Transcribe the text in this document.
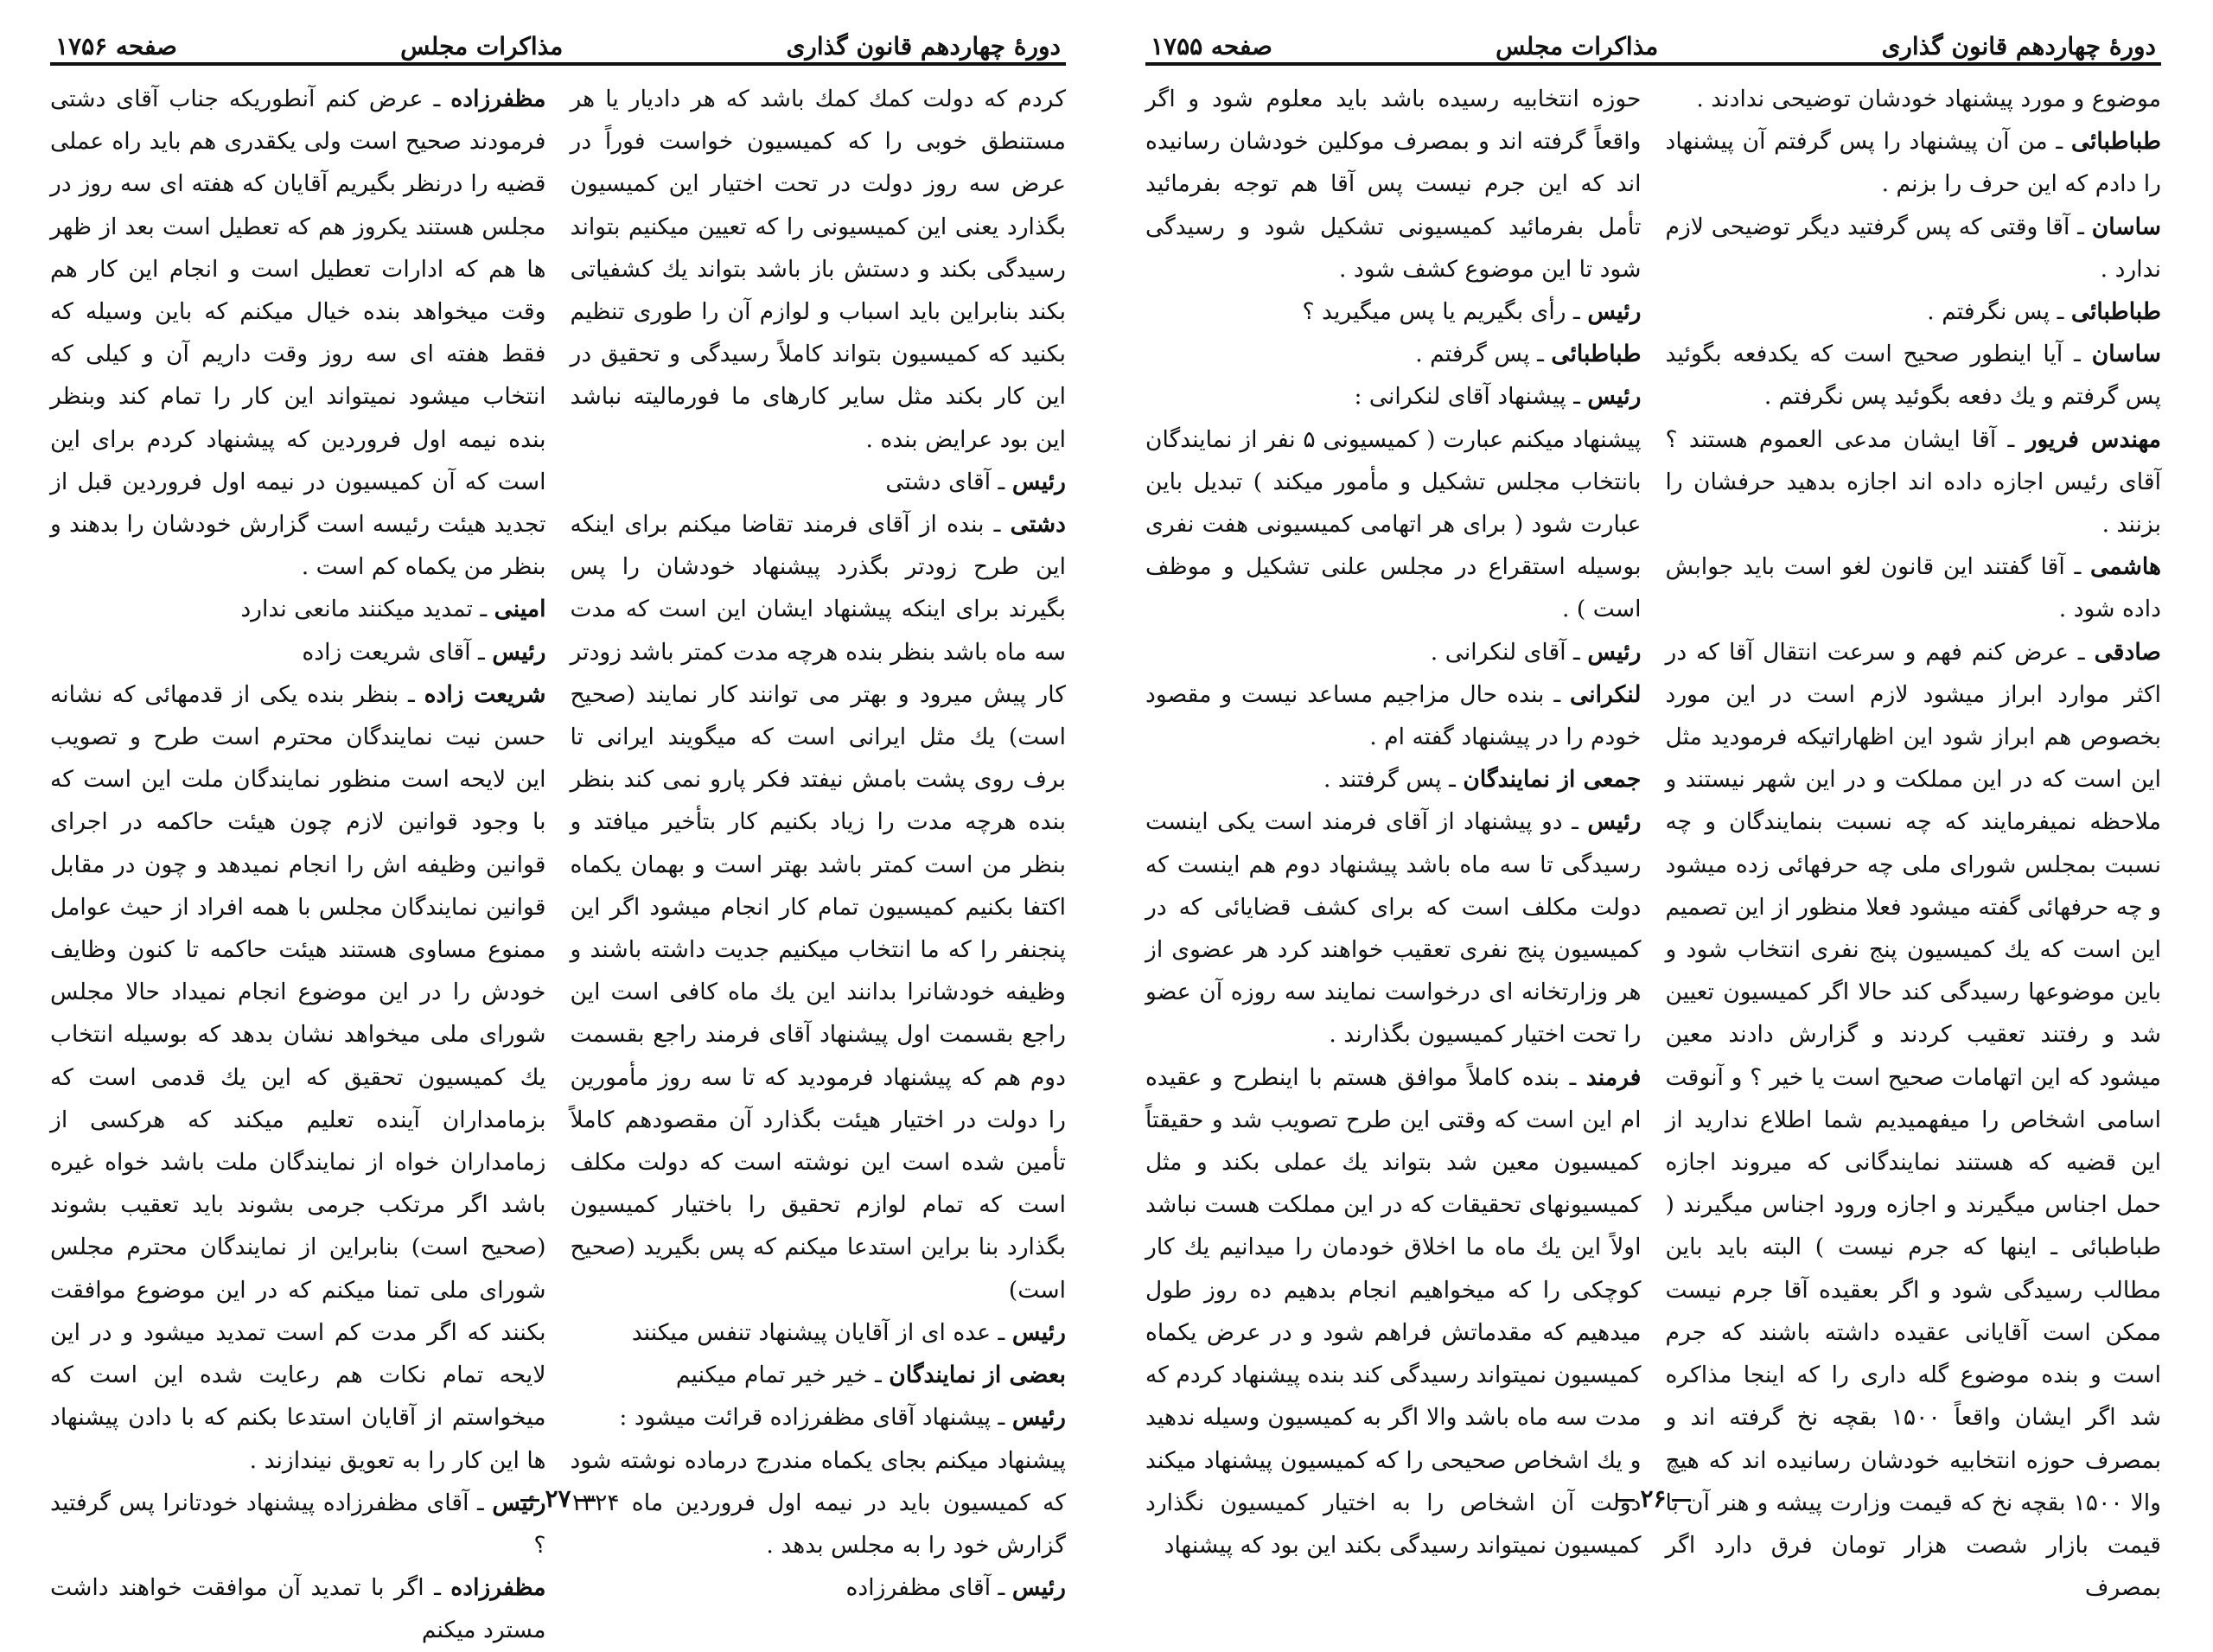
دورهٔ چهاردهم قانون گذاری
مذاکرات مجلس
صفحه ۱۷۵۵

موضوع و مورد پیشنهاد خودشان توضیحی ندادند .

طباطبائی ـ من آن پیشنهاد را پس گرفتم آن پیشنهاد را دادم که این حرف را بزنم .

ساسان ـ آقا وقتی که پس گرفتید دیگر توضیحی لازم ندارد .

طباطبائی ـ پس نگرفتم .

ساسان ـ آیا اینطور صحیح است که یکدفعه بگوئید پس گرفتم و یك دفعه بگوئید پس نگرفتم .

مهندس فریور ـ آقا ایشان مدعی العموم هستند ؟ آقای رئیس اجازه داده اند اجازه بدهید حرفشان را بزنند .

هاشمی ـ آقا گفتند این قانون لغو است باید جوابش داده شود .

صادقی ـ عرض کنم فهم و سرعت انتقال آقا که در اکثر موارد ابراز میشود لازم است در این مورد بخصوص هم ابراز شود این اظهاراتیکه فرمودید مثل این است که در این مملکت و در این شهر نیستند و ملاحظه نمیفرمایند که چه نسبت بنمایندگان و چه نسبت بمجلس شورای ملی چه حرفهائی زده میشود و چه حرفهائی گفته میشود فعلا منظور از این تصمیم این است که یك کمیسیون پنج نفری انتخاب شود و باین موضوعها رسیدگی کند حالا اگر کمیسیون تعیین شد و رفتند تعقیب کردند و گزارش دادند معین میشود که این اتهامات صحیح است یا خیر ؟ و آنوقت اسامی اشخاص را میفهمیدیم شما اطلاع ندارید از این قضیه که هستند نمایندگانی که میروند اجازه حمل اجناس میگیرند و اجازه ورود اجناس میگیرند ( طباطبائی ـ اینها که جرم نیست ) البته باید باین مطالب رسیدگی شود و اگر بعقیده آقا جرم نیست ممکن است آقایانی عقیده داشته باشند که جرم است و بنده موضوع گله داری را که اینجا مذاکره شد اگر ایشان واقعاً ۱۵۰۰ بقچه نخ گرفته اند و بمصرف حوزه انتخابیه خودشان رسانیده اند که هیچ والا ۱۵۰۰ بقچه نخ که قیمت وزارت پیشه و هنر آن با قیمت بازار شصت هزار تومان فرق دارد اگر بمصرف

حوزه انتخابیه رسیده باشد باید معلوم شود و اگر واقعاً گرفته اند و بمصرف موکلین خودشان رسانیده اند که این جرم نیست پس آقا هم توجه بفرمائید تأمل بفرمائید کمیسیونی تشکیل شود و رسیدگی شود تا این موضوع کشف شود .

رئیس ـ رأی بگیریم یا پس میگیرید ؟

طباطبائی ـ پس گرفتم .

رئیس ـ پیشنهاد آقای لنکرانی :

پیشنهاد میکنم عبارت ( کمیسیونی ۵ نفر از نمایندگان بانتخاب مجلس تشکیل و مأمور میکند ) تبدیل باین عبارت شود ( برای هر اتهامی کمیسیونی هفت نفری بوسیله استقراع در مجلس علنی تشکیل و موظف است ) .

رئیس ـ آقای لنکرانی .

لنکرانی ـ بنده حال مزاجیم مساعد نیست و مقصود خودم را در پیشنهاد گفته ام .

جمعی از نمایندگان ـ پس گرفتند .

رئیس ـ دو پیشنهاد از آقای فرمند است یکی اینست رسیدگی تا سه ماه باشد پیشنهاد دوم هم اینست که دولت مکلف است که برای کشف قضایائی که در کمیسیون پنج نفری تعقیب خواهند کرد هر عضوی از هر وزارتخانه ای درخواست نمایند سه روزه آن عضو را تحت اختیار کمیسیون بگذارند .

فرمند ـ بنده کاملاً موافق هستم با اینطرح و عقیده ام این است که وقتی این طرح تصویب شد و حقیقتاً کمیسیون معین شد بتواند یك عملی بکند و مثل کمیسیونهای تحقیقات که در این مملکت هست نباشد اولاً این یك ماه ما اخلاق خودمان را میدانیم یك کار کوچکی را که میخواهیم انجام بدهیم ده روز طول میدهیم که مقدماتش فراهم شود و در عرض یکماه کمیسیون نمیتواند رسیدگی کند بنده پیشنهاد کردم که مدت سه ماه باشد والا اگر به کمیسیون وسیله ندهید و یك اشخاص صحیحی را که کمیسیون پیشنهاد میکند دولت آن اشخاص را به اختیار کمیسیون نگذارد کمیسیون نمیتواند رسیدگی بکند این بود که پیشنهاد

۲۶
دورهٔ چهاردهم قانون گذاری
مذاکرات مجلس
صفحه ۱۷۵۶

کردم که دولت کمك کمك باشد که هر دادیار یا هر مستنطق خوبی را که کمیسیون خواست فوراً در عرض سه روز دولت در تحت اختیار این کمیسیون بگذارد یعنی این کمیسیونی را که تعیین میکنیم بتواند رسیدگی بکند و دستش باز باشد بتواند یك کشفیاتی بکند بنابراین باید اسباب و لوازم آن را طوری تنظیم بکنید که کمیسیون بتواند کاملاً رسیدگی و تحقیق در این کار بکند مثل سایر کارهای ما فورمالیته نباشد این بود عرایض بنده .

رئیس ـ آقای دشتی

دشتی ـ بنده از آقای فرمند تقاضا میکنم برای اینکه این طرح زودتر بگذرد پیشنهاد خودشان را پس بگیرند برای اینکه پیشنهاد ایشان این است که مدت سه ماه باشد بنظر بنده هرچه مدت کمتر باشد زودتر کار پیش میرود و بهتر می توانند کار نمایند (صحیح است) یك مثل ایرانی است که میگویند ایرانی تا برف روی پشت بامش نیفتد فکر پارو نمی کند بنظر بنده هرچه مدت را زیاد بکنیم کار بتأخیر میافتد و بنظر من است کمتر باشد بهتر است و بهمان یکماه اکتفا بکنیم کمیسیون تمام کار انجام میشود اگر این پنجنفر را که ما انتخاب میکنیم جدیت داشته باشند و وظیفه خودشانرا بدانند این یك ماه کافی است این راجع بقسمت اول پیشنهاد آقای فرمند راجع بقسمت دوم هم که پیشنهاد فرمودید که تا سه روز مأمورین را دولت در اختیار هیئت بگذارد آن مقصودهم کاملاً تأمین شده است این نوشته است که دولت مکلف است که تمام لوازم تحقیق را باختیار کمیسیون بگذارد بنا براین استدعا میکنم که پس بگیرید (صحیح است)

رئیس ـ عده ای از آقایان پیشنهاد تنفس میکنند

بعضی از نمایندگان ـ خیر خیر تمام میکنیم

رئیس ـ پیشنهاد آقای مظفرزاده قرائت میشود :

پیشنهاد میکنم بجای یکماه مندرج درماده نوشته شود که کمیسیون باید در نیمه اول فروردین ماه ۱۳۲۴ گزارش خود را به مجلس بدهد .

رئیس ـ آقای مظفرزاده

مظفرزاده ـ عرض کنم آنطوریکه جناب آقای دشتی فرمودند صحیح است ولی یکقدری هم باید راه عملی قضیه را درنظر بگیریم آقایان که هفته ای سه روز در مجلس هستند یکروز هم که تعطیل است بعد از ظهر ها هم که ادارات تعطیل است و انجام این کار هم وقت میخواهد بنده خیال میکنم که باین وسیله که فقط هفته ای سه روز وقت داریم آن و کیلی که انتخاب میشود نمیتواند این کار را تمام کند وبنظر بنده نیمه اول فروردین که پیشنهاد کردم برای این است که آن کمیسیون در نیمه اول فروردین قبل از تجدید هیئت رئیسه است گزارش خودشان را بدهند و بنظر من یکماه کم است .

امینی ـ تمدید میکنند مانعی ندارد

رئیس ـ آقای شریعت زاده

شریعت زاده ـ بنظر بنده یکی از قدمهائی که نشانه حسن نیت نمایندگان محترم است طرح و تصویب این لایحه است منظور نمایندگان ملت این است که با وجود قوانین لازم چون هیئت حاکمه در اجرای قوانین وظیفه اش را انجام نمیدهد و چون در مقابل قوانین نمایندگان مجلس با همه افراد از حیث عوامل ممنوع مساوی هستند هیئت حاکمه تا کنون وظایف خودش را در این موضوع انجام نمیداد حالا مجلس شورای ملی میخواهد نشان بدهد که بوسیله انتخاب یك کمیسیون تحقیق که این یك قدمی است که بزمامداران آینده تعلیم میکند که هرکسی از زمامداران خواه از نمایندگان ملت باشد خواه غیره باشد اگر مرتکب جرمی بشوند باید تعقیب بشوند (صحیح است) بنابراین از نمایندگان محترم مجلس شورای ملی تمنا میکنم که در این موضوع موافقت بکنند که اگر مدت کم است تمدید میشود و در این لایحه تمام نکات هم رعایت شده این است که میخواستم از آقایان استدعا بکنم که با دادن پیشنهاد ها این کار را به تعویق نیندازند .

رئیس ـ آقای مظفرزاده پیشنهاد خودتانرا پس گرفتید ؟

مظفرزاده ـ اگر با تمدید آن موافقت خواهند داشت مسترد میکنم

۲۷
